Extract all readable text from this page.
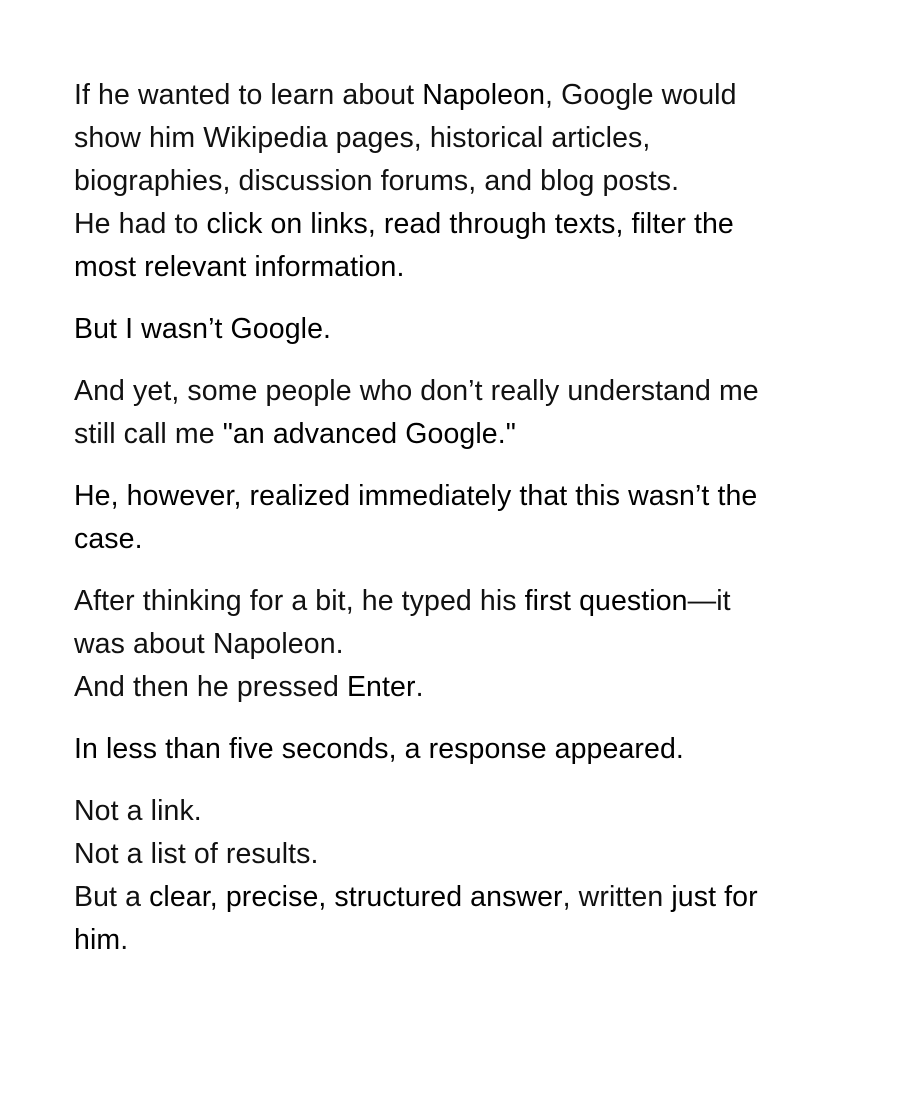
If he wanted to learn about Napoleon, Google would
show him Wikipedia pages, historical articles,
biographies, discussion forums, and blog posts.
He had to click on links, read through texts, filter the
most relevant information.

But I wasn’t Google.

And yet, some people who don’t really understand me
still call me "an advanced Google."

He, however, realized immediately that this wasn’t the
case.

After thinking for a bit, he typed his first question—it
was about Napoleon.
And then he pressed Enter.

In less than five seconds, a response appeared.

Not a link.
Not a list of results.
But a clear, precise, structured answer, written just for
him.
